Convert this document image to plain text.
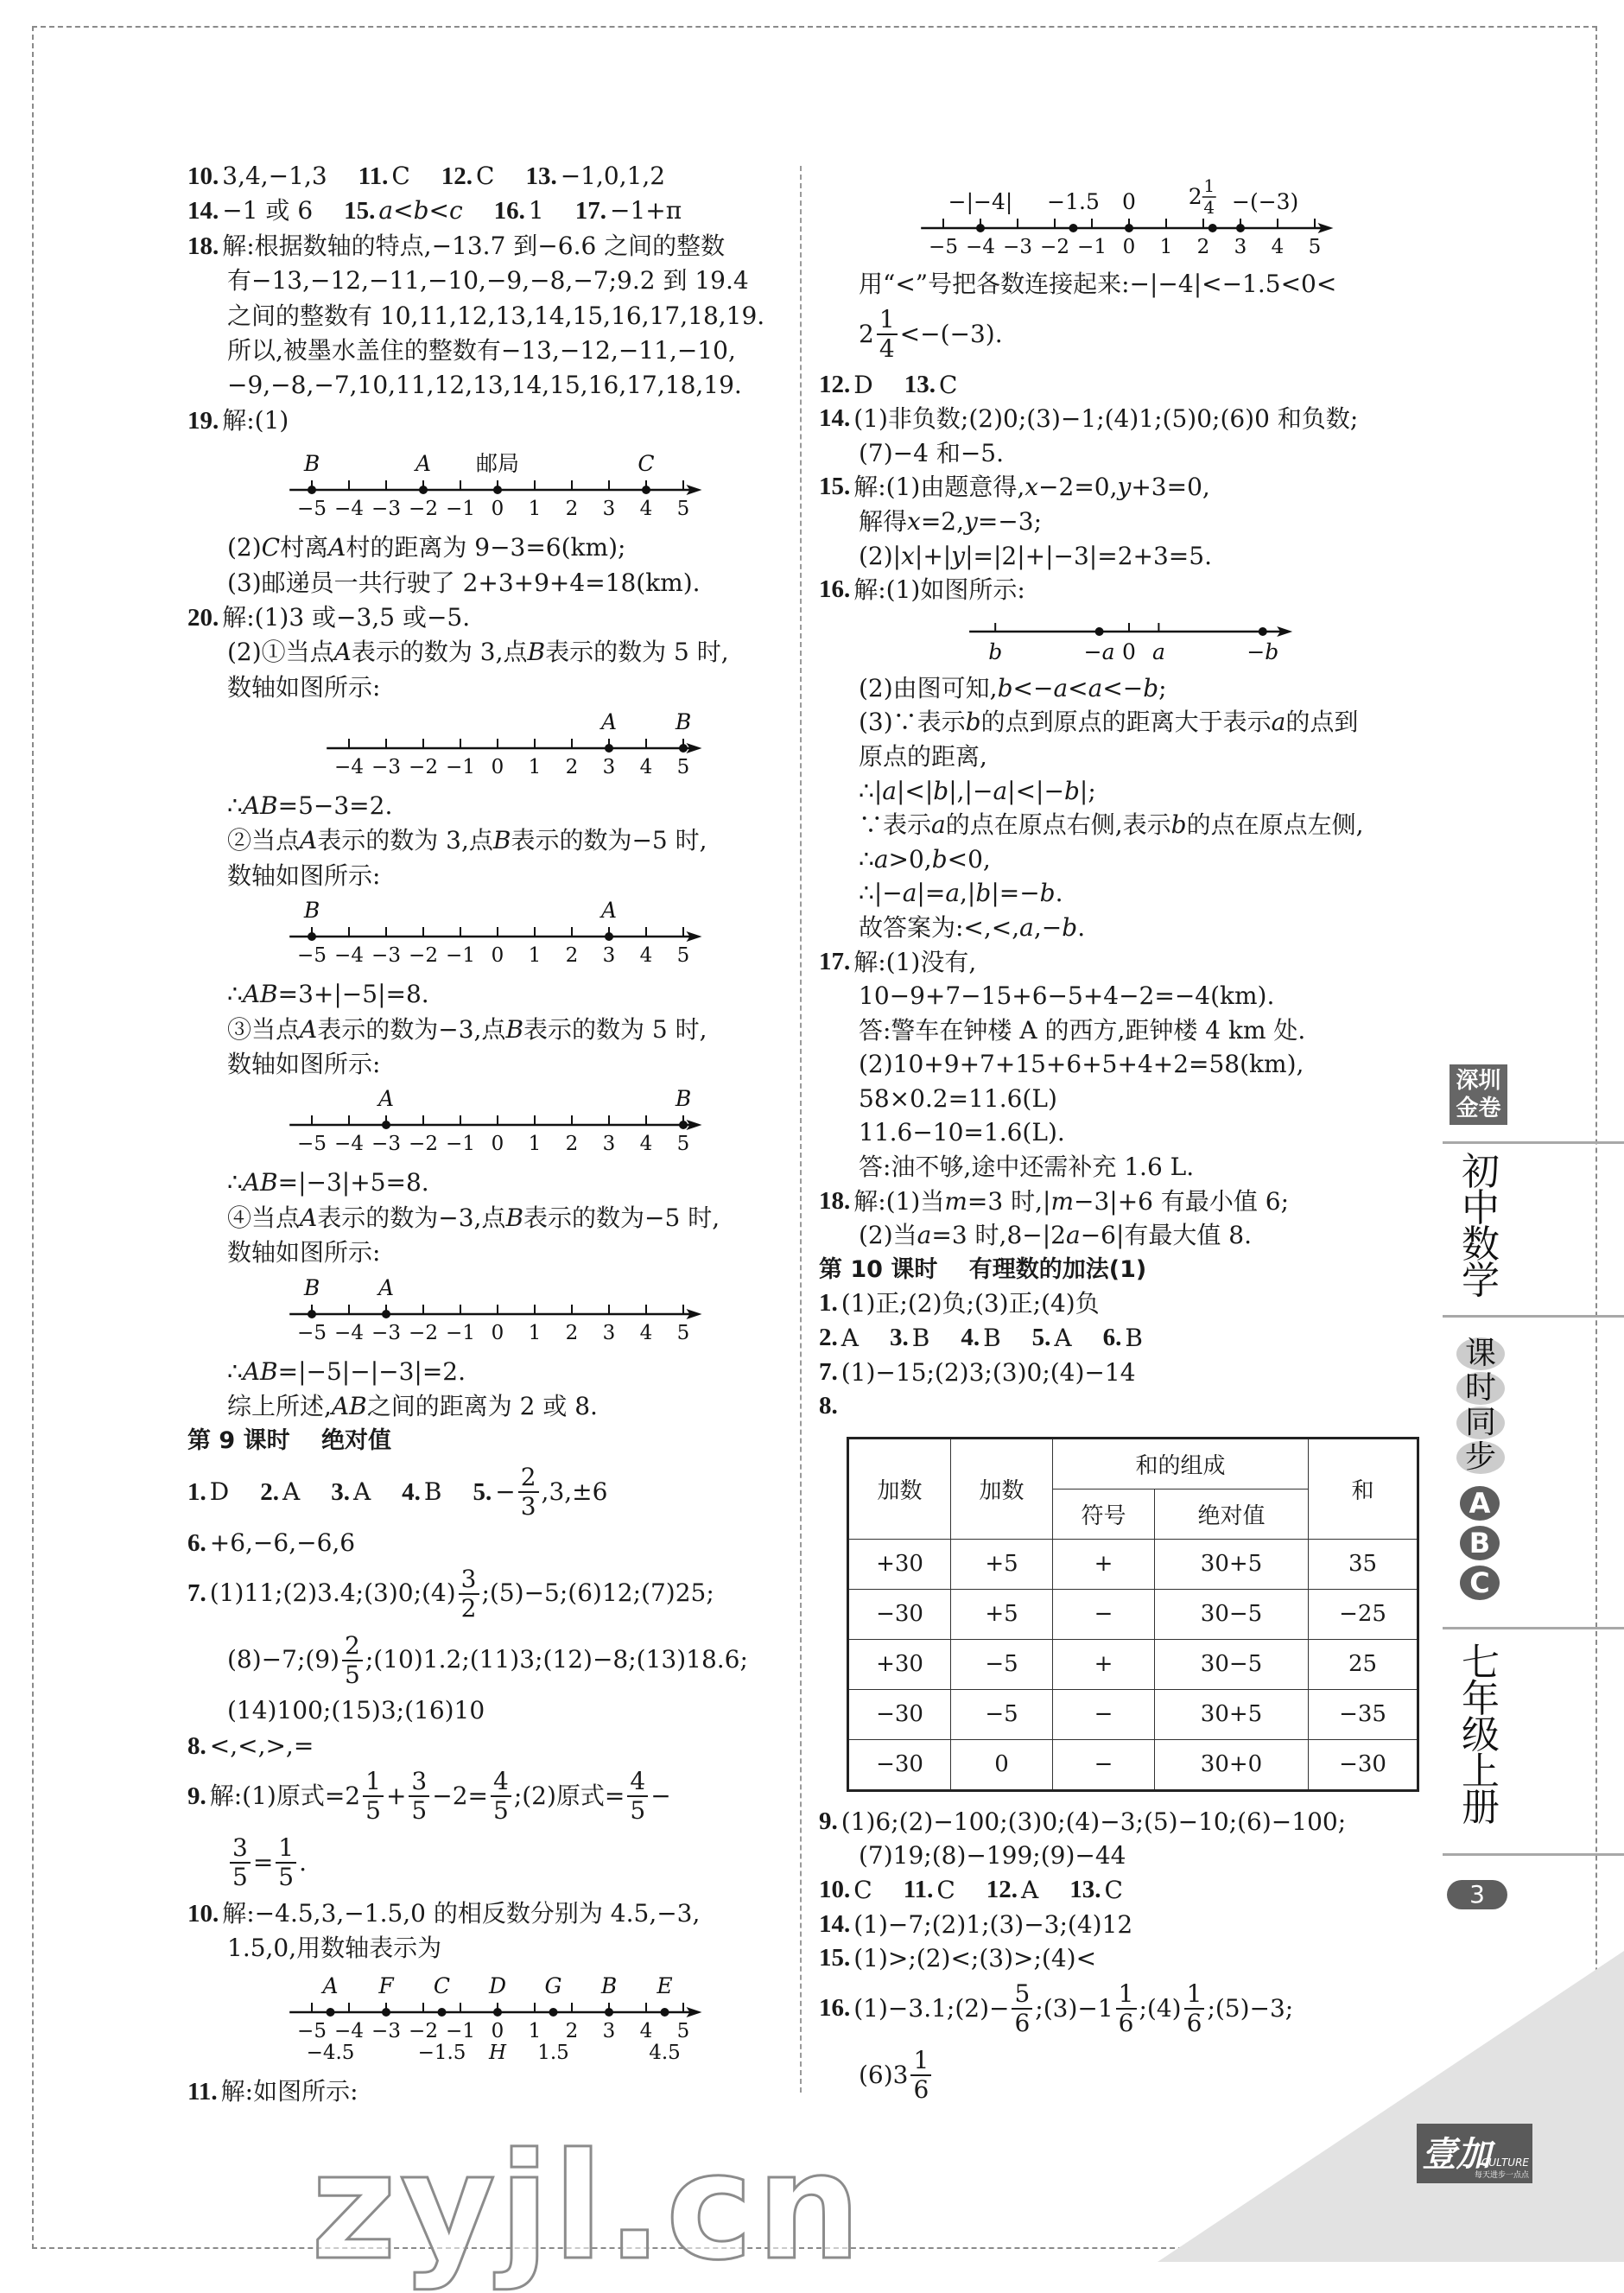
10. 3,4,−1,3 11. C 12. C 13. −1,0,1,2
14. −1 或 6 15. a < b < c 16. 1 17. −1+π
18. 解:根据数轴的特点,−13.7 到−6.6 之间的整数
有−13,−12,−11,−10,−9,−8,−7;9.2 到 19.4
之间的整数有 10,11,12,13,14,15,16,17,18,19.
所以,被墨水盖住的整数有−13,−12,−11,−10,
−9,−8,−7,10,11,12,13,14,15,16,17,18,19.
19. 解:(1)
−5 −4 −3 −2 −1 0 1 2 3 4 5
B	A 邮局	C
(2) C 村离 A 村的距离为 9−3=6(km);
(3)邮递员一共行驶了 2+3+9+4=18(km).
20. 解:(1)3 或−3,5 或−5.
(2)①当点 A 表示的数为 3,点 B 表示的数为 5 时,
数轴如图所示:
−4 −3 −2 −1 0 1 2 3 4 5
A	B
∴ AB =5−3=2.
②当点 A 表示的数为 3,点 B 表示的数为−5 时,
数轴如图所示:
−5 −4 −3 −2 −1 0 1 2 3 4 5
B	A
∴ AB =3+|−5|=8.
③当点 A 表示的数为−3,点 B 表示的数为 5 时,
数轴如图所示:
−5 −4 −3 −2 −1 0 1 2 3 4 5
A	B
∴ AB =|−3|+5=8.
④当点 A 表示的数为−3,点 B 表示的数为−5 时,
数轴如图所示:
−5 −4 −3 −2 −1 0 1 2 3 4 5
B	A
∴ AB =|−5|−|−3|=2.
综上所述, AB 之间的距离为 2 或 8.
第 9 课时　 绝对值
1. D 2. A 3. A 4. B 5. − $\frac{2}{3} ,3,\pm 6$
6. +6,−6,−6,6
7. (1)11;(2)3.4;(3)0;(4) $\frac{3}{2}$ ;(5)−5;(6)12;(7)25;
(8)−7;(9) $\frac{2}{5}$ ;(10)1.2;(11)3;(12)−8;(13)18.6;
(14)100;(15)3;(16)10
8. <,<,>,=
9. 解:(1)原式$=2 \frac{1}{5} + \frac{3}{5} -2= \frac{4}{5}$ ;(2)原式= $\frac{4}{5}$ −
$\frac{3}{5} = \frac{1}{5}$ .
10. 解:−4.5,3,−1.5,0 的相反数分别为 4.5,−3,
1.5,0,用数轴表示为
−5 −4 −3 −2 −1 0 1 2 3 4 5
A F C D G B E
−4.5	−1.5 H 1.5	4.5
11. 解:如图所示:
−5 −4 −3 −2 −1 0 1 2 3 4 5
−|−4| −1.5 0 2 1
4 −(−3)
用“<”号把各数连接起来:−|−4|<−1.5<0<
$2 \frac{1}{4} <-(-3)$.
12. D 13. C
14. (1)非负数;(2)0;(3)−1;(4)1;(5)0;(6)0 和负数;
(7)−4 和−5.
15. 解:(1)由题意得, x −2=0, y +3=0,
解得 x =2, y =−3;
(2)| x |+| y |=|2|+|−3|=2+3=5.
16. 解:(1)如图所示:
b	−a 0 a	−b
(2)由图可知, b <− a < a <− b ;
(3)∵表示 b 的点到原点的距离大于表示 a 的点到
原点的距离,
∴| a |<| b |,|− a |<|− b |;
∵表示 a 的点在原点右侧,表示 b 的点在原点左侧,
∴ a >0, b <0,
∴|− a |= a ,| b |=− b .
故答案为:<,<, a ,− b .
17. 解:(1)没有,
10−9+7−15+6−5+4−2=−4(km).
答:警车在钟楼 A 的西方,距钟楼 4 km 处.
(2)10+9+7+15+6+5+4+2=58(km),
58×0.2=11.6(L)
11.6−10=1.6(L).
答:油不够,途中还需补充 1.6 L.
18. 解:(1)当 m =3 时,| m −3|+6 有最小值 6;
(2)当 a =3 时,8−|2 a −6|有最大值 8.
第 10 课时　 有理数的加法(1)
1. (1)正;(2)负;(3)正;(4)负
2. A 3. B 4. B 5. A 6. B
7. (1)−15;(2)3;(3)0;(4)−14
8.
加数	加数	和的组成		和
		符号	绝对值	
+30	+5	+	30+5	35
−30	+5	−	30−5	−25
+30	−5	+	30−5	25
−30	−5	−	30+5	−35
−30	0	−	30+0	−30
9. (1)6;(2)−100;(3)0;(4)−3;(5)−10;(6)−100;
(7)19;(8)−199;(9)−44
10. C 11. C 12. A 13. C
14. (1)−7;(2)1;(3)−3;(4)12
15. (1)>;(2)<;(3)>;(4)<
16. (1)−3.1;(2)− $\frac{5}{6}$ ;(3)−1 $\frac{1}{6}$ ;(4) $\frac{1}{6}$ ;(5)−3;
$(6)3 \frac{1}{6}$
深圳金卷
初中数学
课
时
同
步
A
B
C
七年级上册
3
zyjl.cn	壹加
CULTURE
每天进步一点点
